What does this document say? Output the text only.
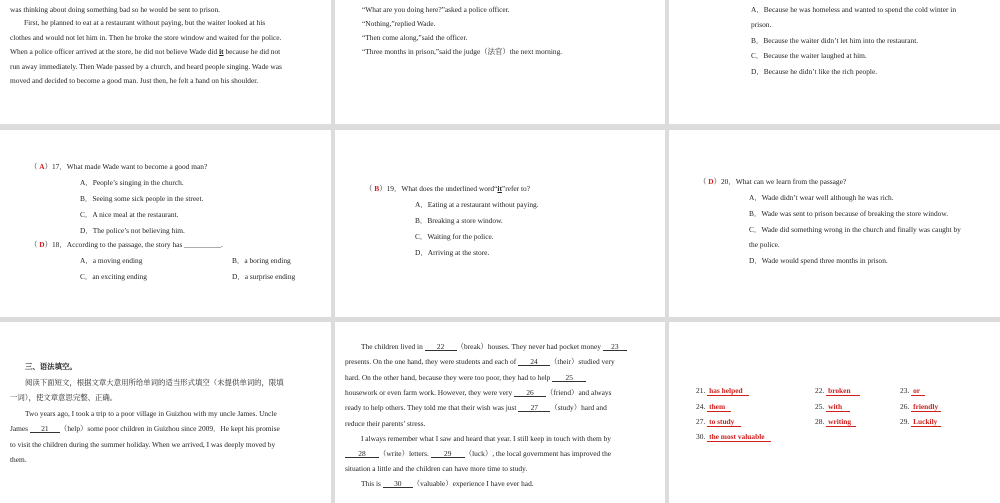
was thinking about doing something bad so he would be sent to prison.
First, he planned to eat at a restaurant without paying, but the waiter looked at his
clothes and would not let him in. Then he broke the store window and waited for the police.
When a police officer arrived at the store, he did not believe Wade did it because he did not
run away immediately. Then Wade passed by a church, and heard people singing. Wade was
moved and decided to become a good man. Just then, he felt a hand on his shoulder.
“What are you doing here?”asked a police officer.
“Nothing,”replied Wade.
“Then come along,”said the officer.
“Three months in prison,”said the judge（法官）the next morning.
A．Because he was homeless and wanted to spend the cold winter in
prison.
B．Because the waiter didn’t let him into the restaurant.
C．Because the waiter laughed at him.
D．Because he didn’t like the rich people.
（ A）17．What made Wade want to become a good man?
A．People’s singing in the church.
B．Seeing some sick people in the street.
C．A nice meal at the restaurant.
D．The police’s not believing him.
（ D）18．According to the passage, the story has __________.
A．a moving ending	B．a boring ending
C．an exciting ending	D．a surprise ending
（ B）19．What does the underlined word“it”refer to?
A．Eating at a restaurant without paying.
B．Breaking a store window.
C．Waiting for the police.
D．Arriving at the store.
（ D）20．What can we learn from the passage?
A．Wade didn’t wear well although he was rich.
B．Wade was sent to prison because of breaking the store window.
C．Wade did something wrong in the church and finally was caught by
the police.
D．Wade would spend three months in prison.
三、语法填空。
阅读下面短文，根据文章大意用所给单词的适当形式填空（未提供单词的，限填
一词），使文章意思完整、正确。
Two years ago, I took a trip to a poor village in Guizhou with my uncle James. Uncle
James 21 （help）some poor children in Guizhou since 2009．He kept his promise
to visit the children during the summer holiday. When we arrived, I was deeply moved by
them.
The children lived in 22 （break）houses. They never had pocket money 23
presents. On the one hand, they were students and each of 24 （their）studied very
hard. On the other hand, because they were too poor, they had to help 25
housework or even farm work. However, they were very 26 （friend）and always
ready to help others. They told me that their wish was just 27 （study）hard and
reduce their parents’ stress.
I always remember what I saw and heard that year. I still keep in touch with them by
28 （write）letters. 29 （luck）, the local government has improved the
situation a little and the children can have more time to study.
This is 30 （valuable）experience I have ever had.
21. has helped	22. broken	23. or
24. them	25. with	26. friendly
27. to study	28. writing	29. Luckily
30. the most valuable
